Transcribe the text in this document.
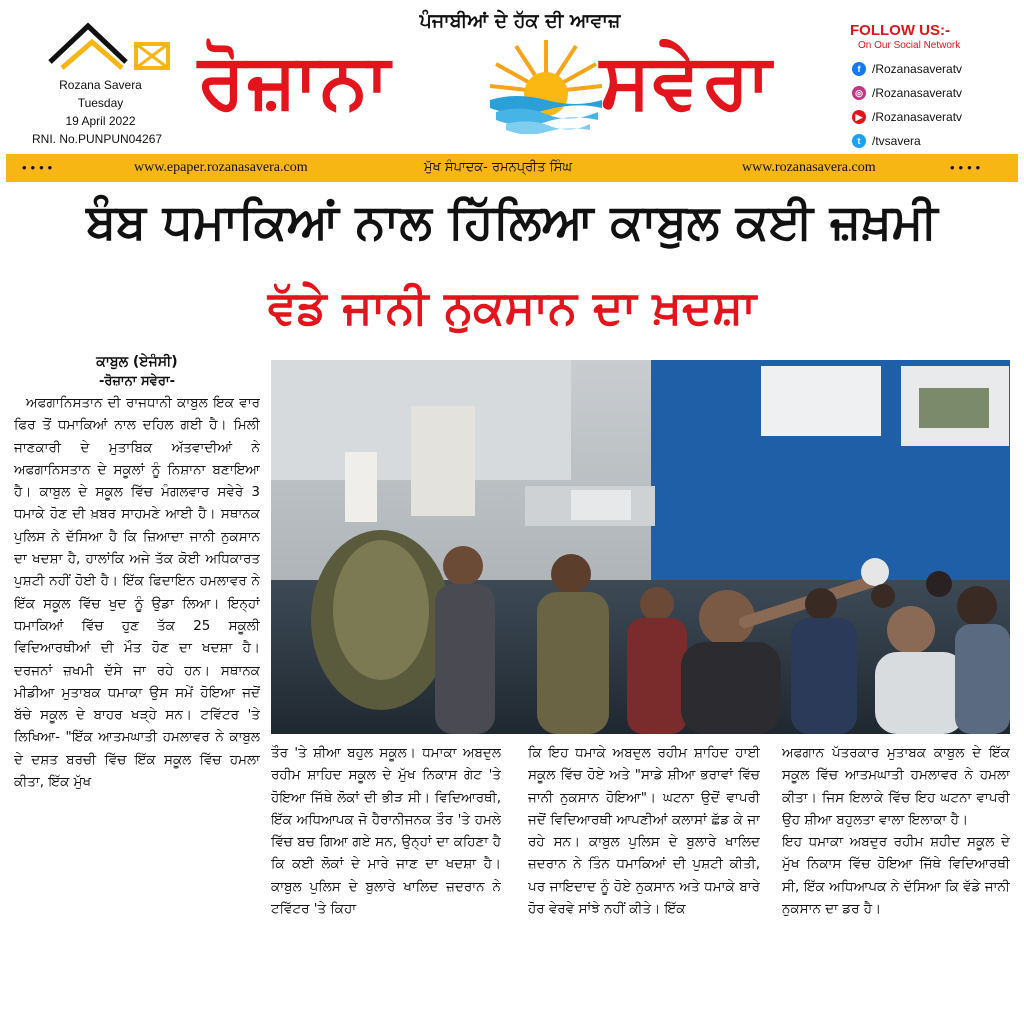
Rozana Savera
Tuesday
19 April 2022
RNI. No.PUNPUN04267
ਪੰਜਾਬੀਆਂ ਦੇ ਹੱਕ ਦੀ ਆਵਾਜ਼
ਰੋਜ਼ਾਨਾ	ਸਵੇਰਾ
FOLLOW US:-
On Our Social Network
f /Rozanasaveratv
◎ /Rozanasaveratv
▶ /Rozanasaveratv
t /tvsavera
••••	www.epaper.rozanasavera.com	ਮੁੱਖ ਸੰਪਾਦਕ- ਰਮਨਪ੍ਰੀਤ ਸਿੰਘ	www.rozanasavera.com	••••
ਬੰਬ ਧਮਾਕਿਆਂ ਨਾਲ ਹਿੱਲਿਆ ਕਾਬੁਲ ਕਈ ਜ਼ਖ਼ਮੀ
ਵੱਡੇ ਜਾਨੀ ਨੁਕਸਾਨ ਦਾ ਖ਼ਦਸ਼ਾ
ਕਾਬੁਲ (ਏਜੰਸੀ)
-ਰੋਜ਼ਾਨਾ ਸਵੇਰਾ-

ਅਫਗਾਨਿਸਤਾਨ ਦੀ ਰਾਜਧਾਨੀ ਕਾਬੁਲ ਇਕ ਵਾਰ ਫਿਰ ਤੋਂ ਧਮਾਕਿਆਂ ਨਾਲ ਦਹਿਲ ਗਈ ਹੈ। ਮਿਲੀ ਜਾਣਕਾਰੀ ਦੇ ਮੁਤਾਬਿਕ ਅੱਤਵਾਦੀਆਂ ਨੇ ਅਫਗਾਨਿਸਤਾਨ ਦੇ ਸਕੂਲਾਂ ਨੂੰ ਨਿਸ਼ਾਨਾ ਬਣਾਇਆ ਹੈ। ਕਾਬੁਲ ਦੇ ਸਕੂਲ ਵਿੱਚ ਮੰਗਲਵਾਰ ਸਵੇਰੇ 3 ਧਮਾਕੇ ਹੋਣ ਦੀ ਖ਼ਬਰ ਸਾਹਮਣੇ ਆਈ ਹੈ। ਸਥਾਨਕ ਪੁਲਿਸ ਨੇ ਦੱਸਿਆ ਹੈ ਕਿ ਜ਼ਿਆਦਾ ਜਾਨੀ ਨੁਕਸਾਨ ਦਾ ਖਦਸ਼ਾ ਹੈ, ਹਾਲਾਂਕਿ ਅਜੇ ਤੱਕ ਕੋਈ ਅਧਿਕਾਰਤ ਪੁਸ਼ਟੀ ਨਹੀਂ ਹੋਈ ਹੈ। ਇੱਕ ਫਿਦਾਇਨ ਹਮਲਾਵਰ ਨੇ ਇੱਕ ਸਕੂਲ ਵਿੱਚ ਖੁਦ ਨੂੰ ਉਡਾ ਲਿਆ। ਇਨ੍ਹਾਂ ਧਮਾਕਿਆਂ ਵਿੱਚ ਹੁਣ ਤੱਕ 25 ਸਕੂਲੀ ਵਿਦਿਆਰਥੀਆਂ ਦੀ ਮੌਤ ਹੋਣ ਦਾ ਖਦਸ਼ਾ ਹੈ। ਦਰਜਨਾਂ ਜ਼ਖਮੀ ਦੱਸੇ ਜਾ ਰਹੇ ਹਨ। ਸਥਾਨਕ ਮੀਡੀਆ ਮੁਤਾਬਕ ਧਮਾਕਾ ਉਸ ਸਮੇਂ ਹੋਇਆ ਜਦੋਂ ਬੱਚੇ ਸਕੂਲ ਦੇ ਬਾਹਰ ਖੜ੍ਹੇ ਸਨ। ਟਵਿੱਟਰ 'ਤੇ ਲਿਖਿਆ- "ਇੱਕ ਆਤਮਘਾਤੀ ਹਮਲਾਵਰ ਨੇ ਕਾਬੁਲ ਦੇ ਦਸ਼ਤ ਬਰਚੀ ਵਿੱਚ ਇੱਕ ਸਕੂਲ ਵਿੱਚ ਹਮਲਾ ਕੀਤਾ, ਇੱਕ ਮੁੱਖ

ਤੌਰ 'ਤੇ ਸ਼ੀਆ ਬਹੁਲ ਸਕੂਲ। ਧਮਾਕਾ ਅਬਦੁਲ ਰਹੀਮ ਸ਼ਾਹਿਦ ਸਕੂਲ ਦੇ ਮੁੱਖ ਨਿਕਾਸ ਗੇਟ 'ਤੇ ਹੋਇਆ ਜਿੱਥੇ ਲੋਕਾਂ ਦੀ ਭੀੜ ਸੀ। ਵਿਦਿਆਰਥੀ, ਇੱਕ ਅਧਿਆਪਕ ਜੋ ਹੈਰਾਨੀਜਨਕ ਤੌਰ 'ਤੇ ਹਮਲੇ ਵਿੱਚ ਬਚ ਗਿਆ ਗਏ ਸਨ, ਉਨ੍ਹਾਂ ਦਾ ਕਹਿਣਾ ਹੈ ਕਿ ਕਈ ਲੋਕਾਂ ਦੇ ਮਾਰੇ ਜਾਣ ਦਾ ਖਦਸ਼ਾ ਹੈ। ਕਾਬੁਲ ਪੁਲਿਸ ਦੇ ਬੁਲਾਰੇ ਖਾਲਿਦ ਜ਼ਦਰਾਨ ਨੇ ਟਵਿੱਟਰ 'ਤੇ ਕਿਹਾ
ਕਿ ਇਹ ਧਮਾਕੇ ਅਬਦੁਲ ਰਹੀਮ ਸ਼ਾਹਿਦ ਹਾਈ ਸਕੂਲ ਵਿੱਚ ਹੋਏ ਅਤੇ "ਸਾਡੇ ਸ਼ੀਆ ਭਰਾਵਾਂ ਵਿੱਚ ਜਾਨੀ ਨੁਕਸਾਨ ਹੋਇਆ"। ਘਟਨਾ ਉਦੋਂ ਵਾਪਰੀ ਜਦੋਂ ਵਿਦਿਆਰਥੀ ਆਪਣੀਆਂ ਕਲਾਸਾਂ ਛੱਡ ਕੇ ਜਾ ਰਹੇ ਸਨ। ਕਾਬੁਲ ਪੁਲਿਸ ਦੇ ਬੁਲਾਰੇ ਖਾਲਿਦ ਜ਼ਦਰਾਨ ਨੇ ਤਿੰਨ ਧਮਾਕਿਆਂ ਦੀ ਪੁਸ਼ਟੀ ਕੀਤੀ, ਪਰ ਜਾਇਦਾਦ ਨੂੰ ਹੋਏ ਨੁਕਸਾਨ ਅਤੇ ਧਮਾਕੇ ਬਾਰੇ ਹੋਰ ਵੇਰਵੇ ਸਾਂਝੇ ਨਹੀਂ ਕੀਤੇ। ਇੱਕ
ਅਫਗਾਨ ਪੱਤਰਕਾਰ ਮੁਤਾਬਕ ਕਾਬੁਲ ਦੇ ਇੱਕ ਸਕੂਲ ਵਿੱਚ ਆਤਮਘਾਤੀ ਹਮਲਾਵਰ ਨੇ ਹਮਲਾ ਕੀਤਾ। ਜਿਸ ਇਲਾਕੇ ਵਿੱਚ ਇਹ ਘਟਨਾ ਵਾਪਰੀ ਉਹ ਸ਼ੀਆ ਬਹੁਲਤਾ ਵਾਲਾ ਇਲਾਕਾ ਹੈ।
ਇਹ ਧਮਾਕਾ ਅਬਦੁਰ ਰਹੀਮ ਸ਼ਹੀਦ ਸਕੂਲ ਦੇ ਮੁੱਖ ਨਿਕਾਸ ਵਿੱਚ ਹੋਇਆ ਜਿੱਥੇ ਵਿਦਿਆਰਥੀ ਸੀ, ਇੱਕ ਅਧਿਆਪਕ ਨੇ ਦੱਸਿਆ ਕਿ ਵੱਡੇ ਜਾਨੀ ਨੁਕਸਾਨ ਦਾ ਡਰ ਹੈ।
